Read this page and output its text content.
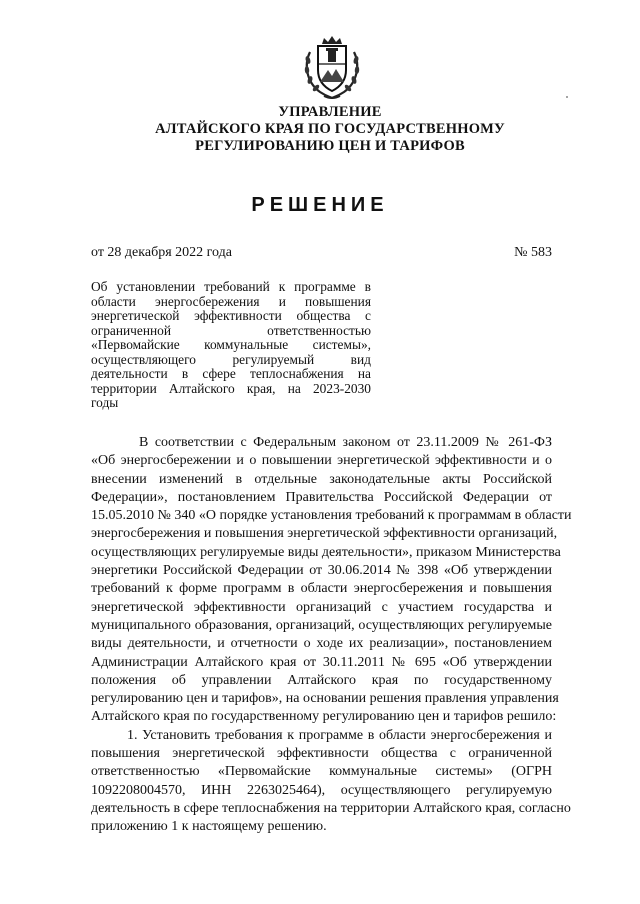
УПРАВЛЕНИЕ
АЛТАЙСКОГО КРАЯ ПО ГОСУДАРСТВЕННОМУ
РЕГУЛИРОВАНИЮ ЦЕН И ТАРИФОВ
РЕШЕНИЕ
от 28 декабря 2022 года	№ 583
Об установлении требований к программе в
области энергосбережения и повышения
энергетической эффективности общества с
ограниченной ответственностью
«Первомайские коммунальные системы»,
осуществляющего регулируемый вид
деятельности в сфере теплоснабжения на
территории Алтайского края, на 2023-2030
годы
В соответствии с Федеральным законом от 23.11.2009 № 261-ФЗ
«Об энергосбережении и о повышении энергетической эффективности и о
внесении изменений в отдельные законодательные акты Российской
Федерации», постановлением Правительства Российской Федерации от
15.05.2010 № 340 «О порядке установления требований к программам в области
энергосбережения и повышения энергетической эффективности организаций,
осуществляющих регулируемые виды деятельности», приказом Министерства
энергетики Российской Федерации от 30.06.2014 № 398 «Об утверждении
требований к форме программ в области энергосбережения и повышения
энергетической эффективности организаций с участием государства и
муниципального образования, организаций, осуществляющих регулируемые
виды деятельности, и отчетности о ходе их реализации», постановлением
Администрации Алтайского края от 30.11.2011 № 695 «Об утверждении
положения об управлении Алтайского края по государственному
регулированию цен и тарифов», на основании решения правления управления
Алтайского края по государственному регулированию цен и тарифов решило:
1. Установить требования к программе в области энергосбережения и
повышения энергетической эффективности общества с ограниченной
ответственностью «Первомайские коммунальные системы» (ОГРН
1092208004570, ИНН 2263025464), осуществляющего регулируемую
деятельность в сфере теплоснабжения на территории Алтайского края, согласно
приложению 1 к настоящему решению.
